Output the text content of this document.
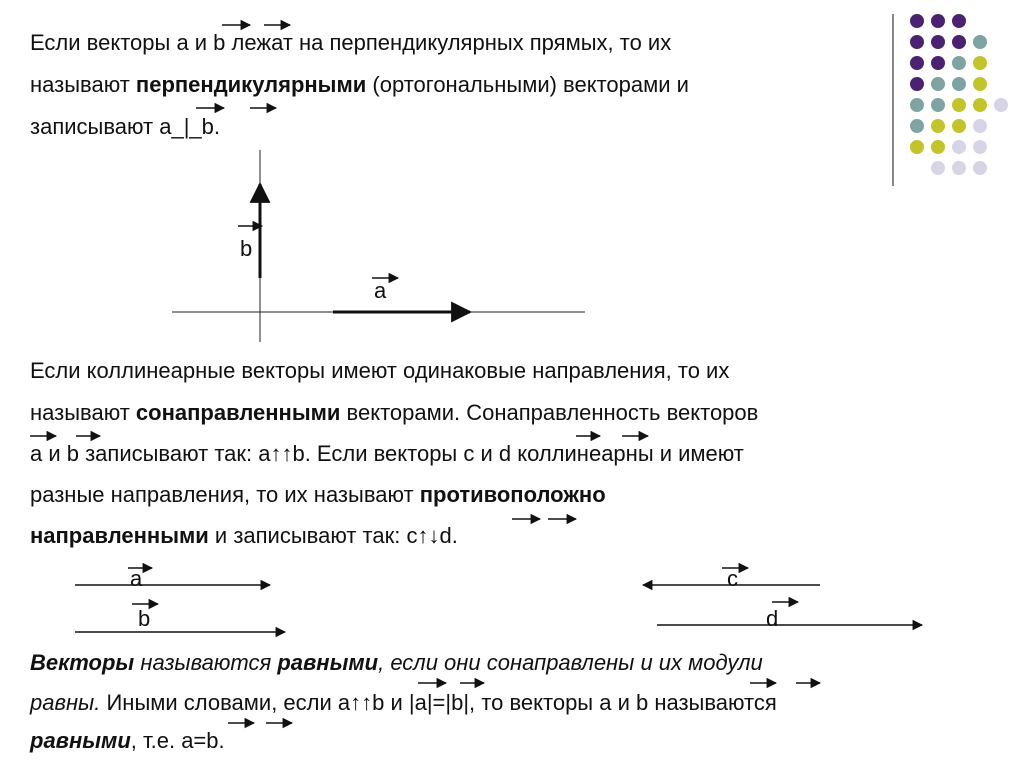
Если векторы a и b лежат на перпендикулярных прямых, то их
называют перпендикулярными (ортогональными) векторами и
записывают a_|_b.
b
a
Если коллинеарные векторы имеют одинаковые направления, то их
называют сонаправленными векторами. Сонаправленность векторов
a и b записывают так: a↑↑b. Если векторы c и d коллинеарны и имеют
разные направления, то их называют противоположно
направленными и записывают так: c↑↓d.
a
b
c
d
Векторы называются равными, если они сонаправлены и их модули
равны. Иными словами, если a↑↑b и |a|=|b|, то векторы a и b называются
равными, т.е. a=b.
